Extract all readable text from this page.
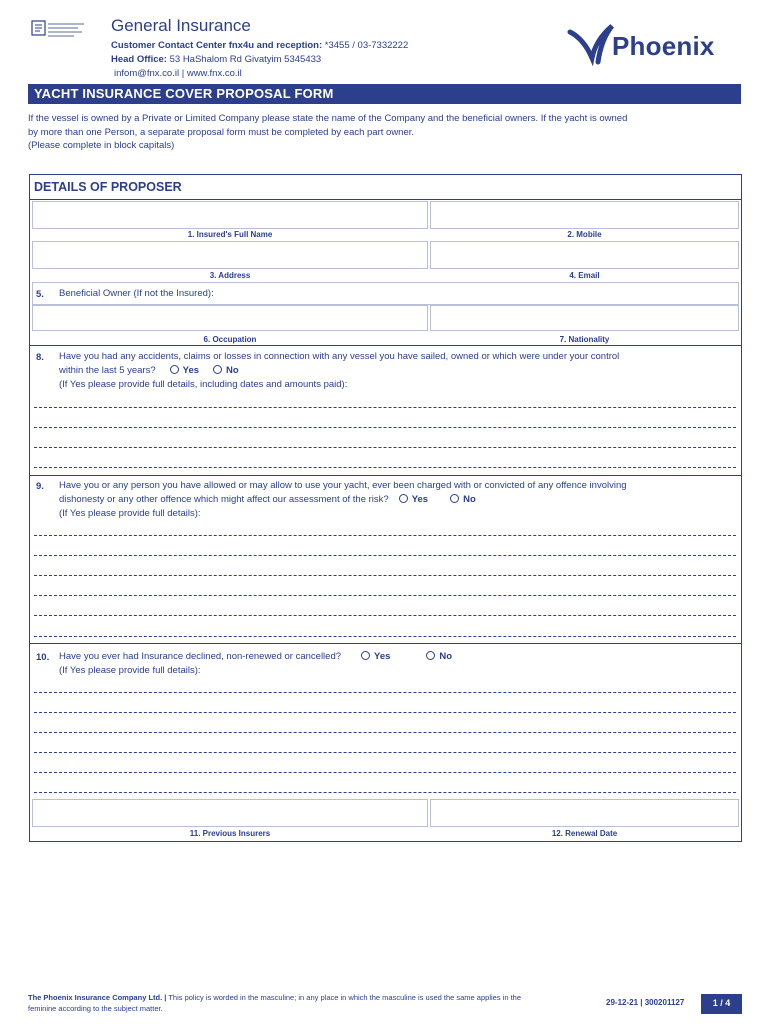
General Insurance
Customer Contact Center fnx4u and reception: *3455 / 03-7332222
Head Office: 53 HaShalom Rd Givatyim 5345433
infom@fnx.co.il | www.fnx.co.il
Phoenix
YACHT INSURANCE COVER PROPOSAL FORM
If the vessel is owned by a Private or Limited Company please state the name of the Company and the beneficial owners. If the yacht is owned
by more than one Person, a separate proposal form must be completed by each part owner.
(Please complete in block capitals)
DETAILS OF PROPOSER
1. Insured's Full Name	2. Mobile
3. Address	4. Email
5. Beneficial Owner (If not the Insured):
6. Occupation	7. Nationality
8. Have you had any accidents, claims or losses in connection with any vessel you have sailed, owned or which were under your control
within the last 5 years?	Yes	No
(If Yes please provide full details, including dates and amounts paid):
9. Have you or any person you have allowed or may allow to use your yacht, ever been charged with or convicted of any offence involving
dishonesty or any other offence which might affect our assessment of the risk? Yes	No
(If Yes please provide full details):
10. Have you ever had Insurance declined, non-renewed or cancelled?	Yes	No
(If Yes please provide full details):
11. Previous Insurers	12. Renewal Date
The Phoenix Insurance Company Ltd. | This policy is worded in the masculine; in any place in which the masculine is used the same applies in the
feminine according to the subject matter.
29-12-21 | 300201127	1 / 4
